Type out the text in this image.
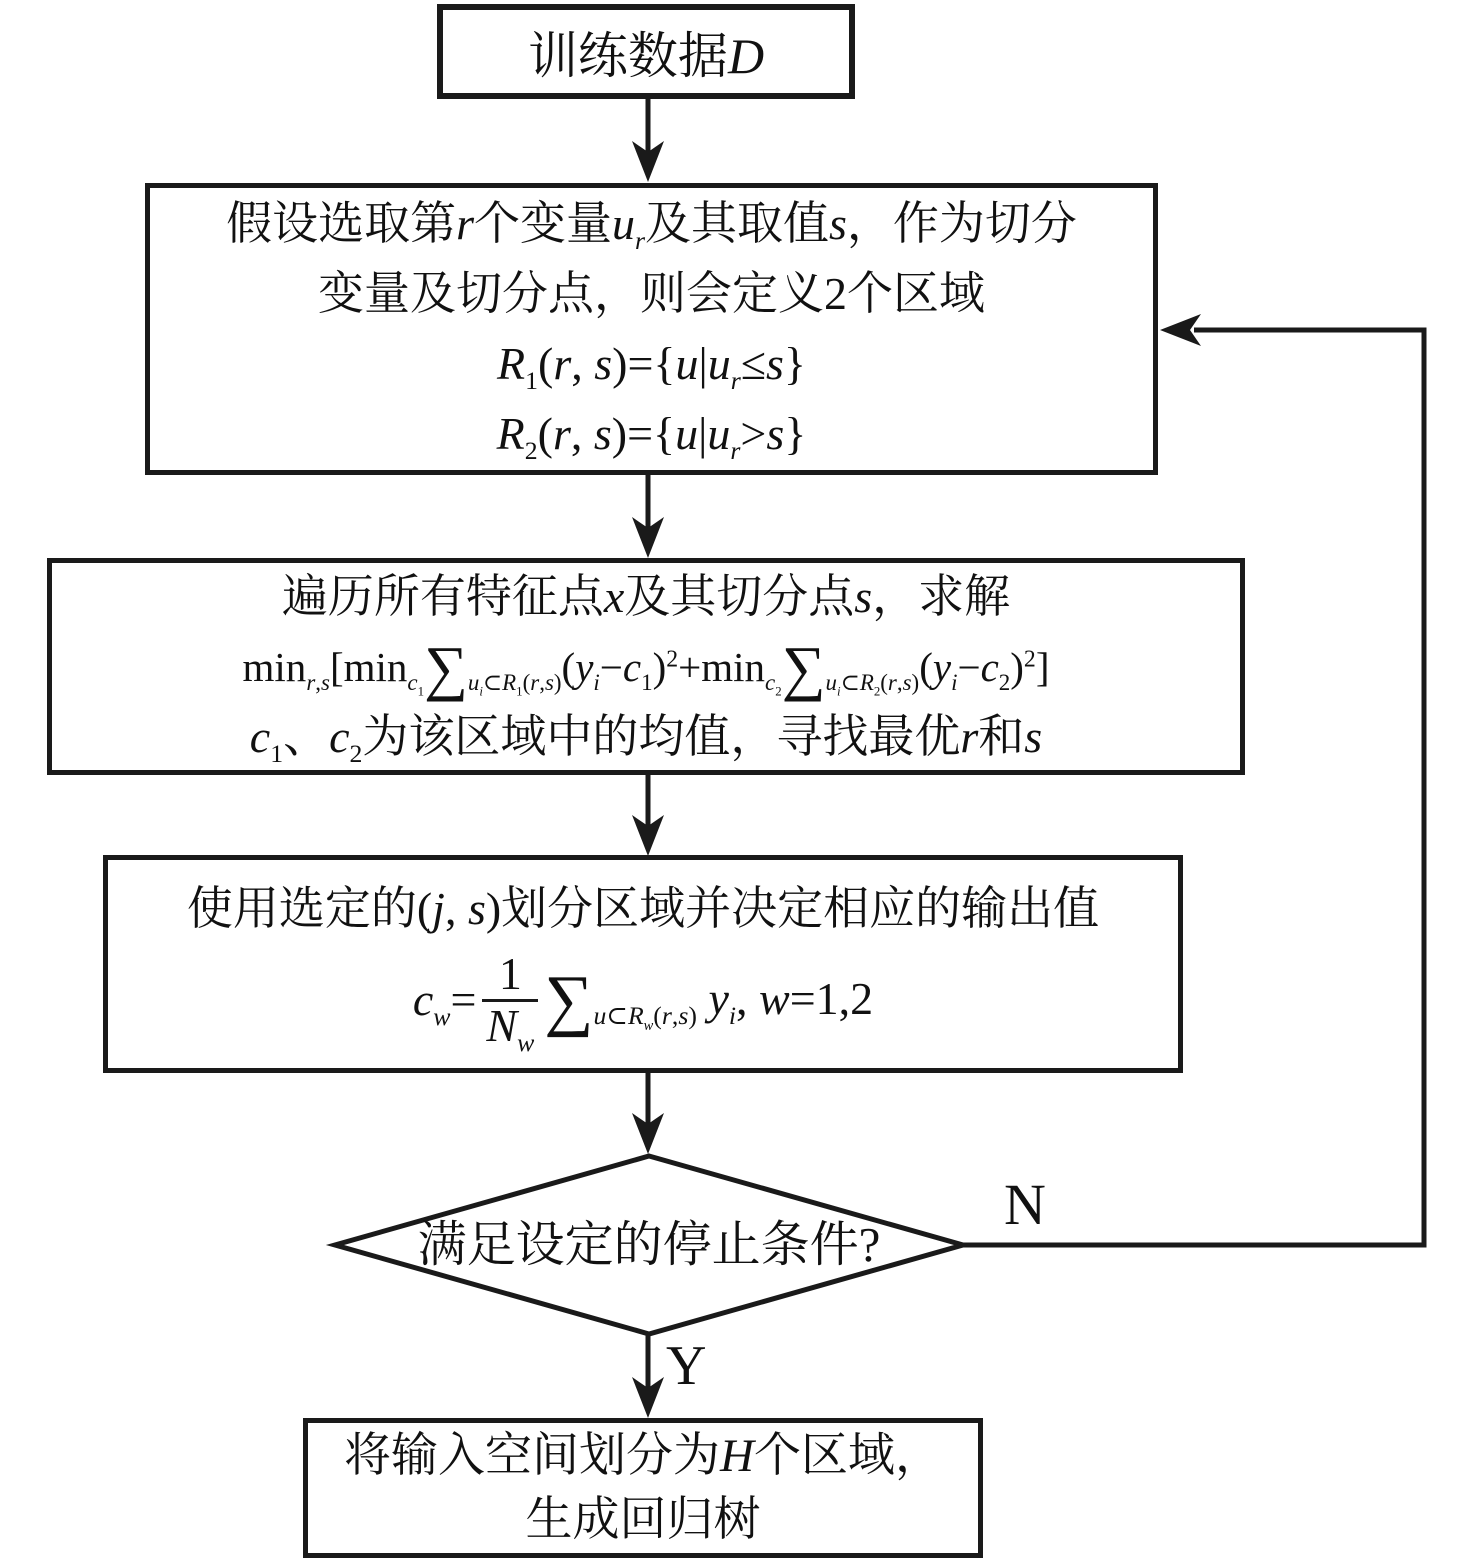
训练数据D
假设选取第r个变量$u_r$及其取值s，作为切分
变量及切分点，则会定义2个区域
$R_1(r$, $s)=\{u|u_r\le s\}$
$R_2(r$, $s)=\{u|u_r>s\}$
遍历所有特征点x及其切分点s，求解
$\min_{r,s}[\min_{c_1}\sum_{u_i\subset R_1(r,s)}(y_i-c_1)^2+\min_{c_2}\sum_{u_i\subset R_2(r,s)}(y_i-c_2)^2]$
$c_1$、$c_2$为该区域中的均值，寻找最优r和s
使用选定的(j, s)划分区域并决定相应的输出值
$c_w= \frac{1}{N_w} \sum_{u\subset R_w(r,s)}$ $y_i$, w=1,2
满足设定的停止条件?
N
Y
将输入空间划分为H个区域，
生成回归树
